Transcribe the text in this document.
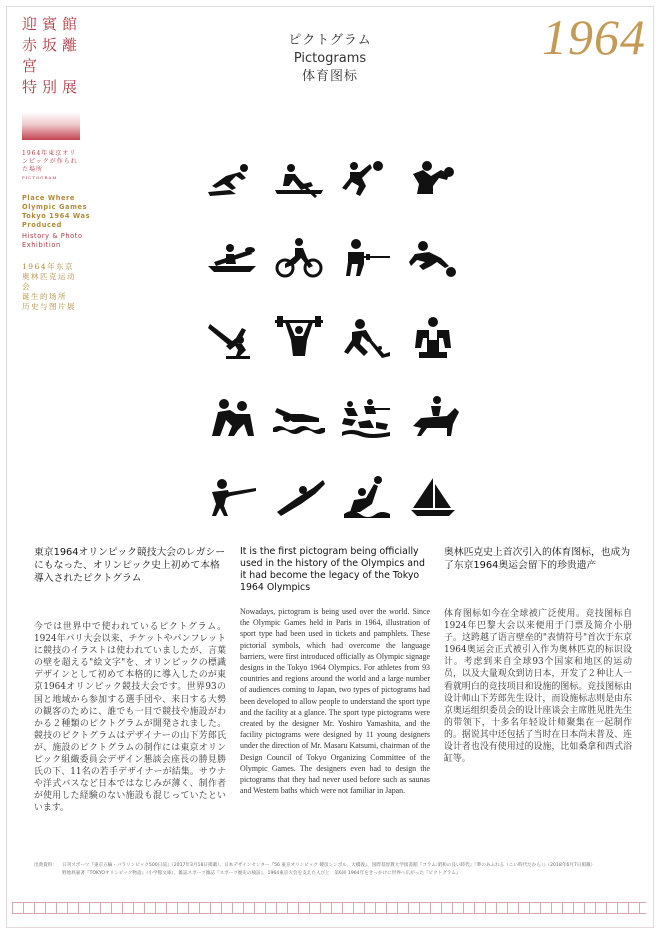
迎賓館
赤坂離宮
特別展
1964年東京オリンピックが作られた場所
PICTOGRAM
Place Where
Olympic Games
Tokyo 1964 Was
Produced
History & Photo
Exhibition
1964年东京
奥林匹克运动会
诞生的场所
历史与图片展
1964
ピクトグラム
Pictograms
体育图标
東京1964オリンピック競技大会のレガシーにもなった、オリンピック史上初めて本格導入されたピクトグラム

今では世界中で使われているピクトグラム。1924年パリ大会以来、チケットやパンフレットに競技のイラストは使われていましたが、言葉の壁を超える"絵文字"を、オリンピックの標識デザインとして初めて本格的に導入したのが東京1964オリンピック競技大会です。世界93の国と地域から参加する選手団や、来日する大勢の観客のために、誰でも一目で競技や施設がわかる２種類のピクトグラムが開発されました。競技のピクトグラムはデザイナーの山下芳郎氏が、施設のピクトグラムの制作には東京オリンピック組織委員会デザイン懇談会座長の勝見勝氏の下、11名の若手デザイナーが結集。サウナや洋式バスなど日本ではなじみが薄く、制作者が使用した経験のない施設も混じっていたといいます。

It is the first pictogram being officially used in the history of the Olympics and it had become the legacy of the Tokyo 1964 Olympics

Nowadays, pictogram is being used over the world. Since the Olympic Games held in Paris in 1964, illustration of sport type had been used in tickets and pamphlets. These pictorial symbols, which had overcome the language barriers, were first introduced officially as Olympic signage designs in the Tokyo 1964 Olympics. For athletes from 93 countries and regions around the world and a large number of audiences coming to Japan, two types of pictograms had been developed to allow people to understand the sport type and the facility at a glance. The sport type pictograms were created by the designer Mr. Yoshiro Yamashita, and the facility pictograms were designed by 11 young designers under the direction of Mr. Masaru Katsumi, chairman of the Design Council of Tokyo Organizing Committee of the Olympic Games. The designers even had to design the pictograms that they had never used before such as saunas and Western baths which were not familiar in Japan.

奥林匹克史上首次引入的体育图标，也成为了东京1964奥运会留下的珍贵遗产

体育图标如今在全球被广泛使用。竞技图标自1924年巴黎大会以来便用于门票及简介小册子。这跨越了语言壁垒的"表情符号"首次于东京1964奥运会正式被引入作为奥林匹克的标识设计。考虑到来自全球93个国家和地区的运动员，以及大量观众到访日本，开发了２种让人一看就明白的竞技项目和设施的图标。竞技图标由设计师山下芳郎先生设计，而设施标志则是由东京奥运组织委员会的设计座谈会主席胜见胜先生的带领下，十多名年轻设计师聚集在一起制作的。据说其中还包括了当时在日本尚未普及、连设计者也没有使用过的设施，比如桑拿和西式浴缸等。

出典資料： 日刊スポーツ『東京五輪・パラリンピック500日前』（2017年3月18日掲載）、日本デザインセンター『56 東京オリンピック 競技シンボル、大橋義』、国際基督教大学図書館『コラム:昭和の良い時代』『夢のあふれる（こい時代だから）』（2018年6月7日掲載）
野地秩嘉著『TOKYOオリンピック物語』（小学館文庫）、雑誌スポーツ雑誌『スポーツ歴史の検証』、1964東京大会を支えた人びと　第6回 1964年をきっかけに世界へ広がった『ピクトグラム』
